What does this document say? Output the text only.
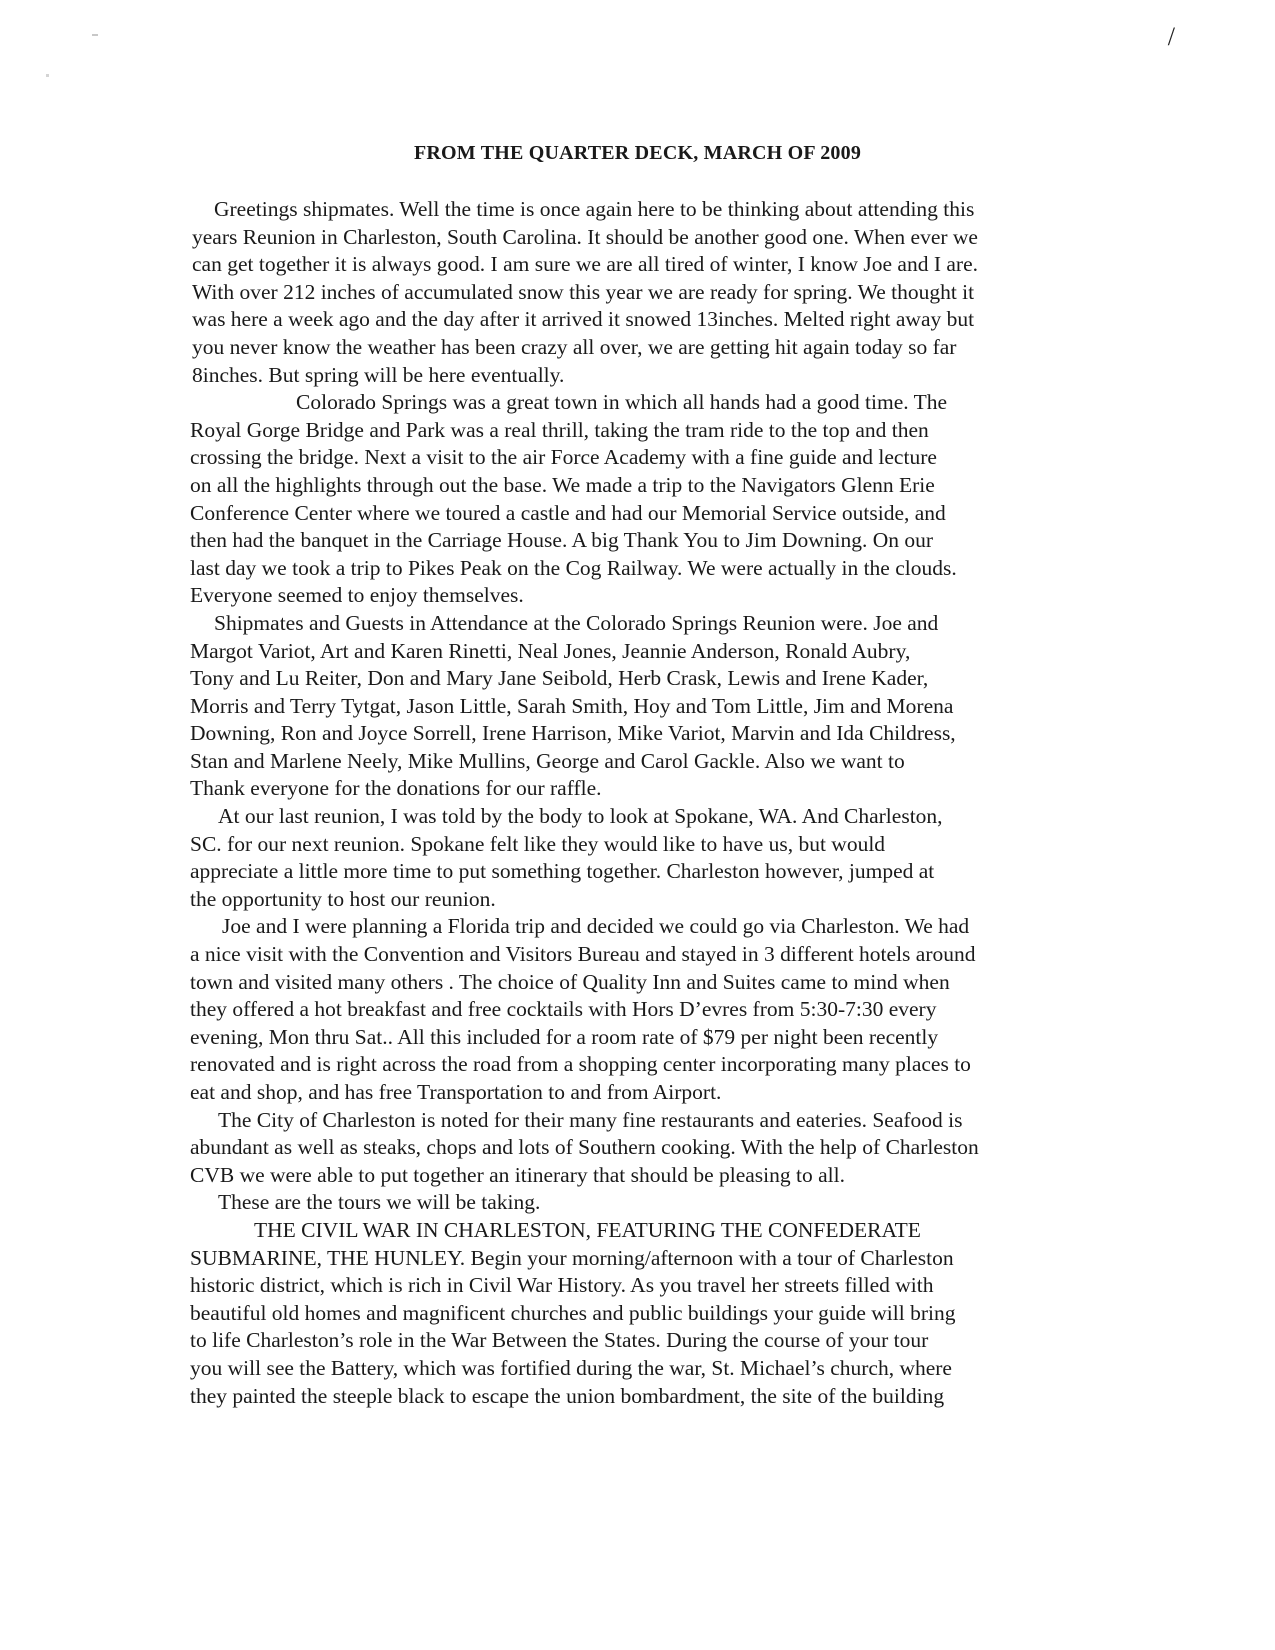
/
FROM THE QUARTER DECK, MARCH OF 2009
Greetings shipmates. Well the time is once again here to be thinking about attending this
years Reunion in Charleston, South Carolina. It should be another good one. When ever we
can get together it is always good. I am sure we are all tired of winter, I know Joe and I are.
With over 212 inches of accumulated snow this year we are ready for spring. We thought it
was here a week ago and the day after it arrived it snowed 13inches. Melted right away but
you never know the weather has been crazy all over, we are getting hit again today so far
8inches. But spring will be here eventually.
Colorado Springs was a great town in which all hands had a good time. The
Royal Gorge Bridge and Park was a real thrill, taking the tram ride to the top and then
crossing the bridge. Next a visit to the air Force Academy with a fine guide and lecture
on all the highlights through out the base. We made a trip to the Navigators Glenn Erie
Conference Center where we toured a castle and had our Memorial Service outside, and
then had the banquet in the Carriage House. A big Thank You to Jim Downing. On our
last day we took a trip to Pikes Peak on the Cog Railway. We were actually in the clouds.
Everyone seemed to enjoy themselves.
Shipmates and Guests in Attendance at the Colorado Springs Reunion were. Joe and
Margot Variot, Art and Karen Rinetti, Neal Jones, Jeannie Anderson, Ronald Aubry,
Tony and Lu Reiter, Don and Mary Jane Seibold, Herb Crask, Lewis and Irene Kader,
Morris and Terry Tytgat, Jason Little, Sarah Smith, Hoy and Tom Little, Jim and Morena
Downing, Ron and Joyce Sorrell, Irene Harrison, Mike Variot, Marvin and Ida Childress,
Stan and Marlene Neely, Mike Mullins, George and Carol Gackle. Also we want to
Thank everyone for the donations for our raffle.
At our last reunion, I was told by the body to look at Spokane, WA. And Charleston,
SC. for our next reunion. Spokane felt like they would like to have us, but would
appreciate a little more time to put something together. Charleston however, jumped at
the opportunity to host our reunion.
Joe and I were planning a Florida trip and decided we could go via Charleston. We had
a nice visit with the Convention and Visitors Bureau and stayed in 3 different hotels around
town and visited many others . The choice of Quality Inn and Suites came to mind when
they offered a hot breakfast and free cocktails with Hors D’evres from 5:30-7:30 every
evening, Mon thru Sat.. All this included for a room rate of $79 per night been recently
renovated and is right across the road from a shopping center incorporating many places to
eat and shop, and has free Transportation to and from Airport.
The City of Charleston is noted for their many fine restaurants and eateries. Seafood is
abundant as well as steaks, chops and lots of Southern cooking. With the help of Charleston
CVB we were able to put together an itinerary that should be pleasing to all.
These are the tours we will be taking.
THE CIVIL WAR IN CHARLESTON, FEATURING THE CONFEDERATE
SUBMARINE, THE HUNLEY. Begin your morning/afternoon with a tour of Charleston
historic district, which is rich in Civil War History. As you travel her streets filled with
beautiful old homes and magnificent churches and public buildings your guide will bring
to life Charleston’s role in the War Between the States. During the course of your tour
you will see the Battery, which was fortified during the war, St. Michael’s church, where
they painted the steeple black to escape the union bombardment, the site of the building
